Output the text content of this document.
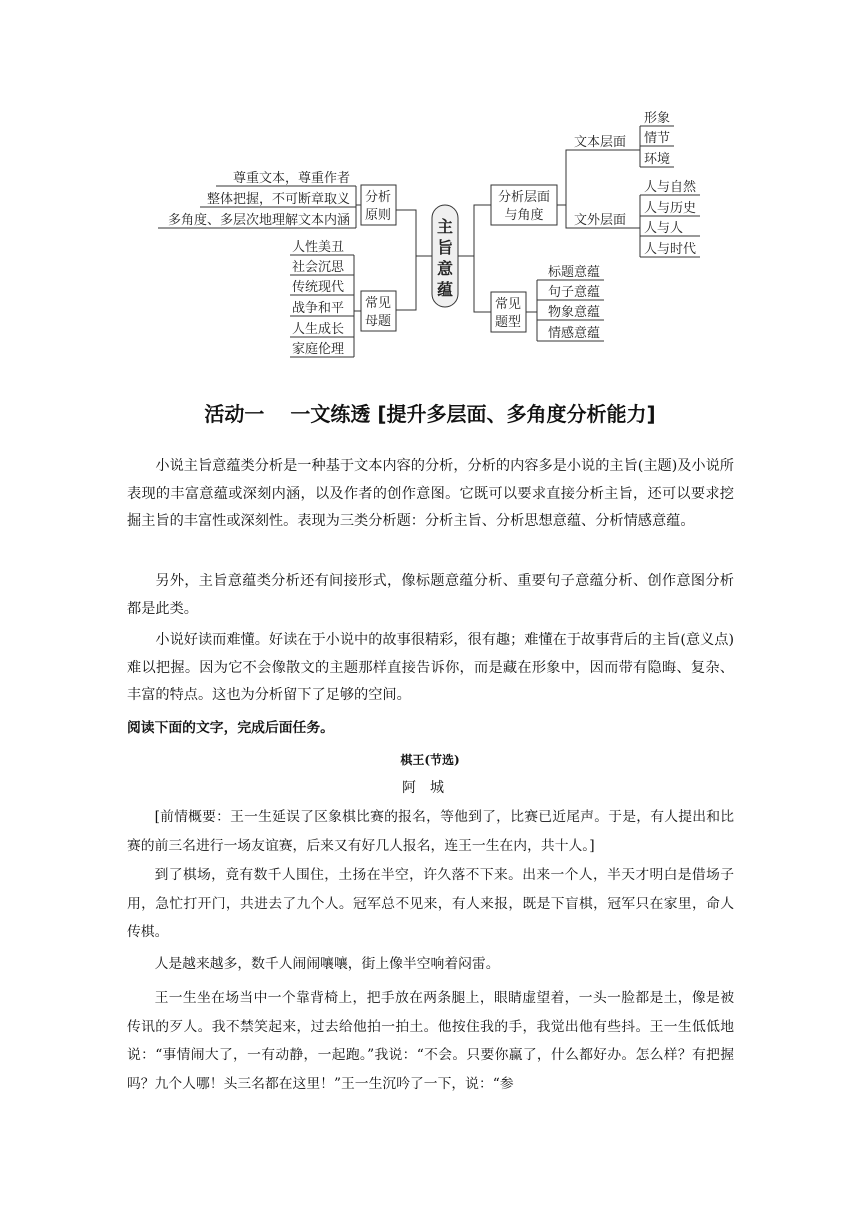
主
旨
意
蕴
分析
原则
常见
母题
尊重文本，尊重作者
整体把握，不可断章取义
多角度、多层次地理解文本内涵
人性美丑
社会沉思
传统现代
战争和平
人生成长
家庭伦理
分析层面
与角度
常见
题型
文本层面
文外层面
形象
情节
环境
人与自然
人与历史
人与人
人与时代
标题意蕴
句子意蕴
物象意蕴
情感意蕴
活动一 一文练透 [提升多层面、多角度分析能力]

小说主旨意蕴类分析是一种基于文本内容的分析，分析的内容多是小说的主旨(主题)及小说所表现的丰富意蕴或深刻内涵，以及作者的创作意图。它既可以要求直接分析主旨，还可以要求挖掘主旨的丰富性或深刻性。表现为三类分析题：分析主旨、分析思想意蕴、分析情感意蕴。

另外，主旨意蕴类分析还有间接形式，像标题意蕴分析、重要句子意蕴分析、创作意图分析都是此类。

小说好读而难懂。好读在于小说中的故事很精彩，很有趣；难懂在于故事背后的主旨(意义点)难以把握。因为它不会像散文的主题那样直接告诉你，而是藏在形象中，因而带有隐晦、复杂、丰富的特点。这也为分析留下了足够的空间。

阅读下面的文字，完成后面任务。

棋王(节选)
阿城

[前情概要：王一生延误了区象棋比赛的报名，等他到了，比赛已近尾声。于是，有人提出和比赛的前三名进行一场友谊赛，后来又有好几人报名，连王一生在内，共十人。]

到了棋场，竟有数千人围住，土扬在半空，许久落不下来。出来一个人，半天才明白是借场子用，急忙打开门，共进去了九个人。冠军总不见来，有人来报，既是下盲棋，冠军只在家里，命人传棋。

人是越来越多，数千人闹闹嚷嚷，街上像半空响着闷雷。

王一生坐在场当中一个靠背椅上，把手放在两条腿上，眼睛虚望着，一头一脸都是土，像是被传讯的歹人。我不禁笑起来，过去给他拍一拍土。他按住我的手，我觉出他有些抖。王一生低低地说：“事情闹大了，一有动静，一起跑。”我说：“不会。只要你赢了，什么都好办。怎么样？有把握吗？九个人哪！头三名都在这里！”王一生沉吟了一下，说：“参
